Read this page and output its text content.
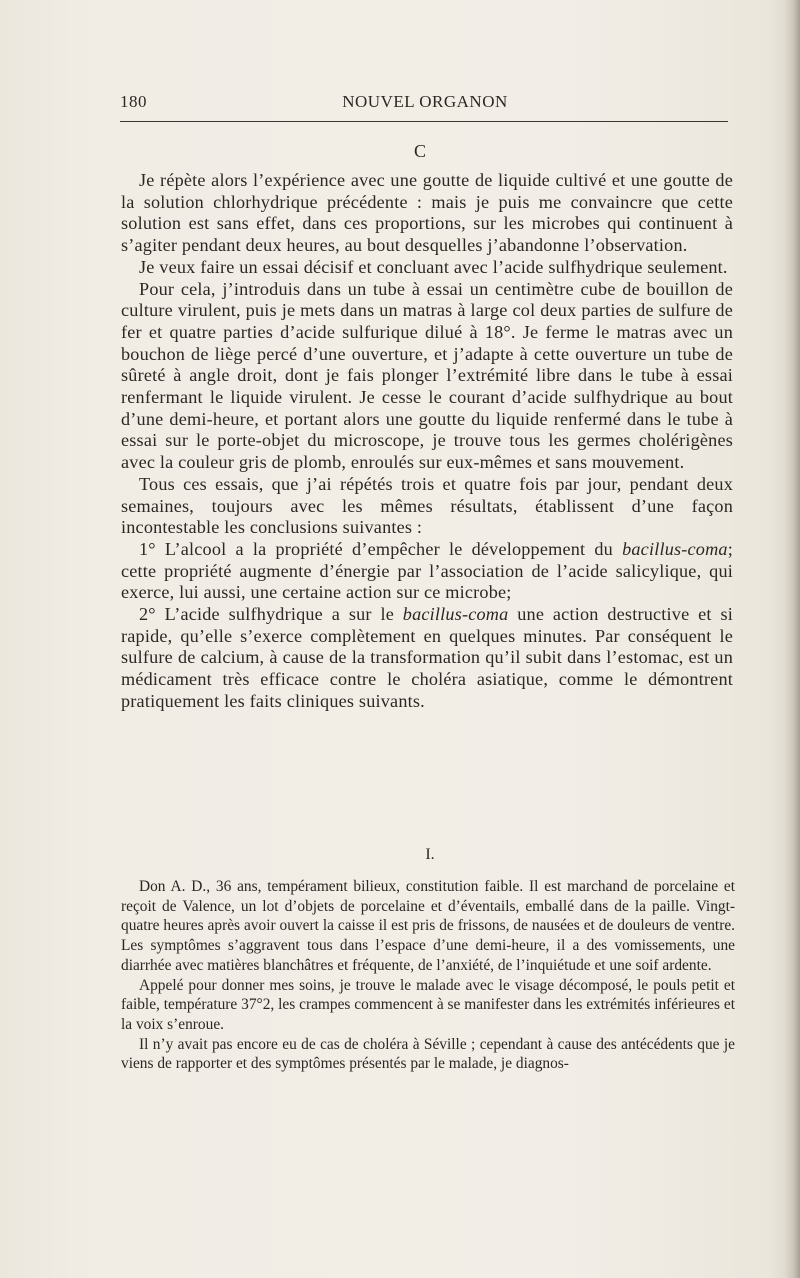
180	NOUVEL ORGANON
C

Je répète alors l’expérience avec une goutte de liquide cultivé et une goutte de la solution chlorhydrique précédente : mais je puis me convaincre que cette solution est sans effet, dans ces proportions, sur les microbes qui continuent à s’agiter pendant deux heures, au bout desquelles j’abandonne l’observation.

Je veux faire un essai décisif et concluant avec l’acide sulfhydrique seulement.

Pour cela, j’introduis dans un tube à essai un centimètre cube de bouillon de culture virulent, puis je mets dans un matras à large col deux parties de sulfure de fer et quatre parties d’acide sulfurique dilué à 18°. Je ferme le matras avec un bouchon de liège percé d’une ouverture, et j’adapte à cette ouverture un tube de sûreté à angle droit, dont je fais plonger l’extrémité libre dans le tube à essai renfermant le liquide virulent. Je cesse le courant d’acide sulfhydrique au bout d’une demi-heure, et portant alors une goutte du liquide renfermé dans le tube à essai sur le porte-objet du microscope, je trouve tous les germes cholérigènes avec la couleur gris de plomb, enroulés sur eux-mêmes et sans mouvement.

Tous ces essais, que j’ai répétés trois et quatre fois par jour, pendant deux semaines, toujours avec les mêmes résultats, établissent d’une façon incontestable les conclusions suivantes :

1° L’alcool a la propriété d’empêcher le développement du bacillus-coma; cette propriété augmente d’énergie par l’association de l’acide salicylique, qui exerce, lui aussi, une certaine action sur ce microbe;

2° L’acide sulfhydrique a sur le bacillus-coma une action destructive et si rapide, qu’elle s’exerce complètement en quelques minutes. Par conséquent le sulfure de calcium, à cause de la transformation qu’il subit dans l’estomac, est un médicament très efficace contre le choléra asiatique, comme le démontrent pratiquement les faits cliniques suivants.

I.

Don A. D., 36 ans, tempérament bilieux, constitution faible. Il est marchand de porcelaine et reçoit de Valence, un lot d’objets de porcelaine et d’éventails, emballé dans de la paille. Vingt-quatre heures après avoir ouvert la caisse il est pris de frissons, de nausées et de douleurs de ventre. Les symptômes s’aggravent tous dans l’espace d’une demi-heure, il a des vomissements, une diarrhée avec matières blanchâtres et fréquente, de l’anxiété, de l’inquiétude et une soif ardente.

Appelé pour donner mes soins, je trouve le malade avec le visage décomposé, le pouls petit et faible, température 37°2, les crampes commencent à se manifester dans les extrémités inférieures et la voix s’enroue.

Il n’y avait pas encore eu de cas de choléra à Séville ; cependant à cause des antécédents que je viens de rapporter et des symptômes présentés par le malade, je diagnos-
